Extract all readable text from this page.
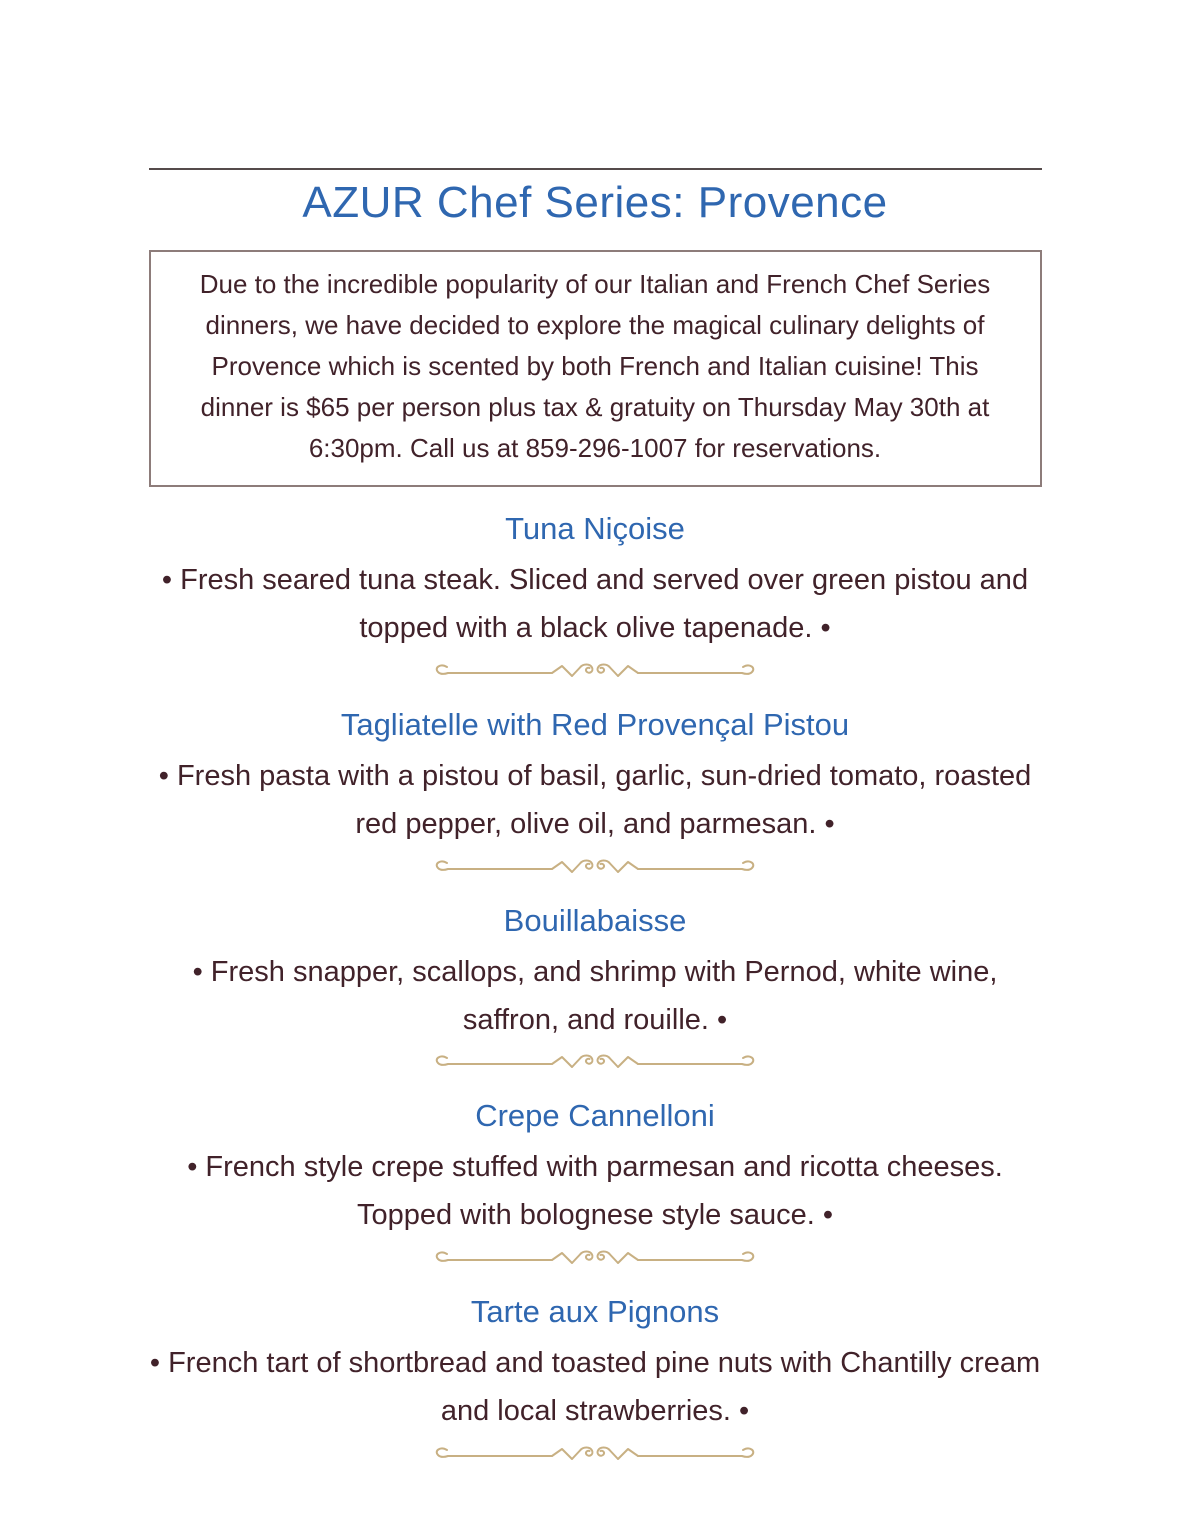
AZUR Chef Series: Provence

Due to the incredible popularity of our Italian and French Chef Series dinners, we have decided to explore the magical culinary delights of Provence which is scented by both French and Italian cuisine! This dinner is $65 per person plus tax & gratuity on Thursday May 30th at 6:30pm. Call us at 859-296-1007 for reservations.

Tuna Niçoise

• Fresh seared tuna steak. Sliced and served over green pistou and topped with a black olive tapenade. •

Tagliatelle with Red Provençal Pistou

• Fresh pasta with a pistou of basil, garlic, sun-dried tomato, roasted red pepper, olive oil, and parmesan. •

Bouillabaisse

• Fresh snapper, scallops, and shrimp with Pernod, white wine, saffron, and rouille. •

Crepe Cannelloni

• French style crepe stuffed with parmesan and ricotta cheeses. Topped with bolognese style sauce. •

Tarte aux Pignons

• French tart of shortbread and toasted pine nuts with Chantilly cream and local strawberries. •
